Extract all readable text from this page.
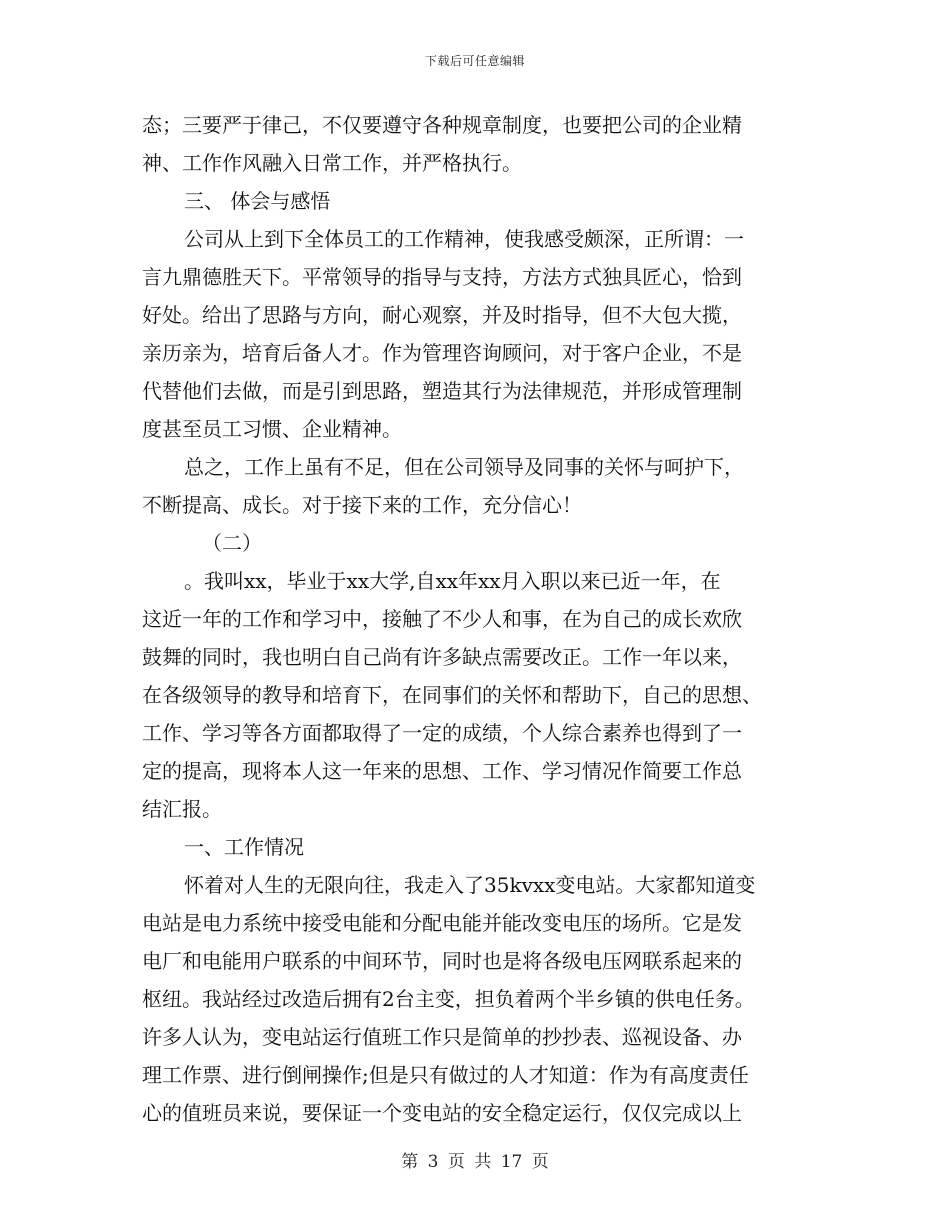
下载后可任意编辑
态；三要严于律己，不仅要遵守各种规章制度，也要把公司的企业精
神、工作作风融入日常工作，并严格执行。
三、 体会与感悟
公司从上到下全体员工的工作精神，使我感受颇深，正所谓：一
言九鼎德胜天下。平常领导的指导与支持，方法方式独具匠心，恰到
好处。给出了思路与方向，耐心观察，并及时指导，但不大包大揽，
亲历亲为，培育后备人才。作为管理咨询顾问，对于客户企业，不是
代替他们去做，而是引到思路，塑造其行为法律规范，并形成管理制
度甚至员工习惯、企业精神。
总之，工作上虽有不足，但在公司领导及同事的关怀与呵护下，
不断提高、成长。对于接下来的工作，充分信心！
（二）
。我叫xx，毕业于xx大学,自xx年xx月入职以来已近一年，在
这近一年的工作和学习中，接触了不少人和事，在为自己的成长欢欣
鼓舞的同时，我也明白自己尚有许多缺点需要改正。工作一年以来，
在各级领导的教导和培育下，在同事们的关怀和帮助下，自己的思想、
工作、学习等各方面都取得了一定的成绩，个人综合素养也得到了一
定的提高，现将本人这一年来的思想、工作、学习情况作简要工作总
结汇报。
一、工作情况
怀着对人生的无限向往，我走入了35kvxx变电站。大家都知道变
电站是电力系统中接受电能和分配电能并能改变电压的场所。它是发
电厂和电能用户联系的中间环节，同时也是将各级电压网联系起来的
枢纽。我站经过改造后拥有2台主变，担负着两个半乡镇的供电任务。
许多人认为，变电站运行值班工作只是简单的抄抄表、巡视设备、办
理工作票、进行倒闸操作;但是只有做过的人才知道：作为有高度责任
心的值班员来说，要保证一个变电站的安全稳定运行，仅仅完成以上
第 3 页 共 17 页
